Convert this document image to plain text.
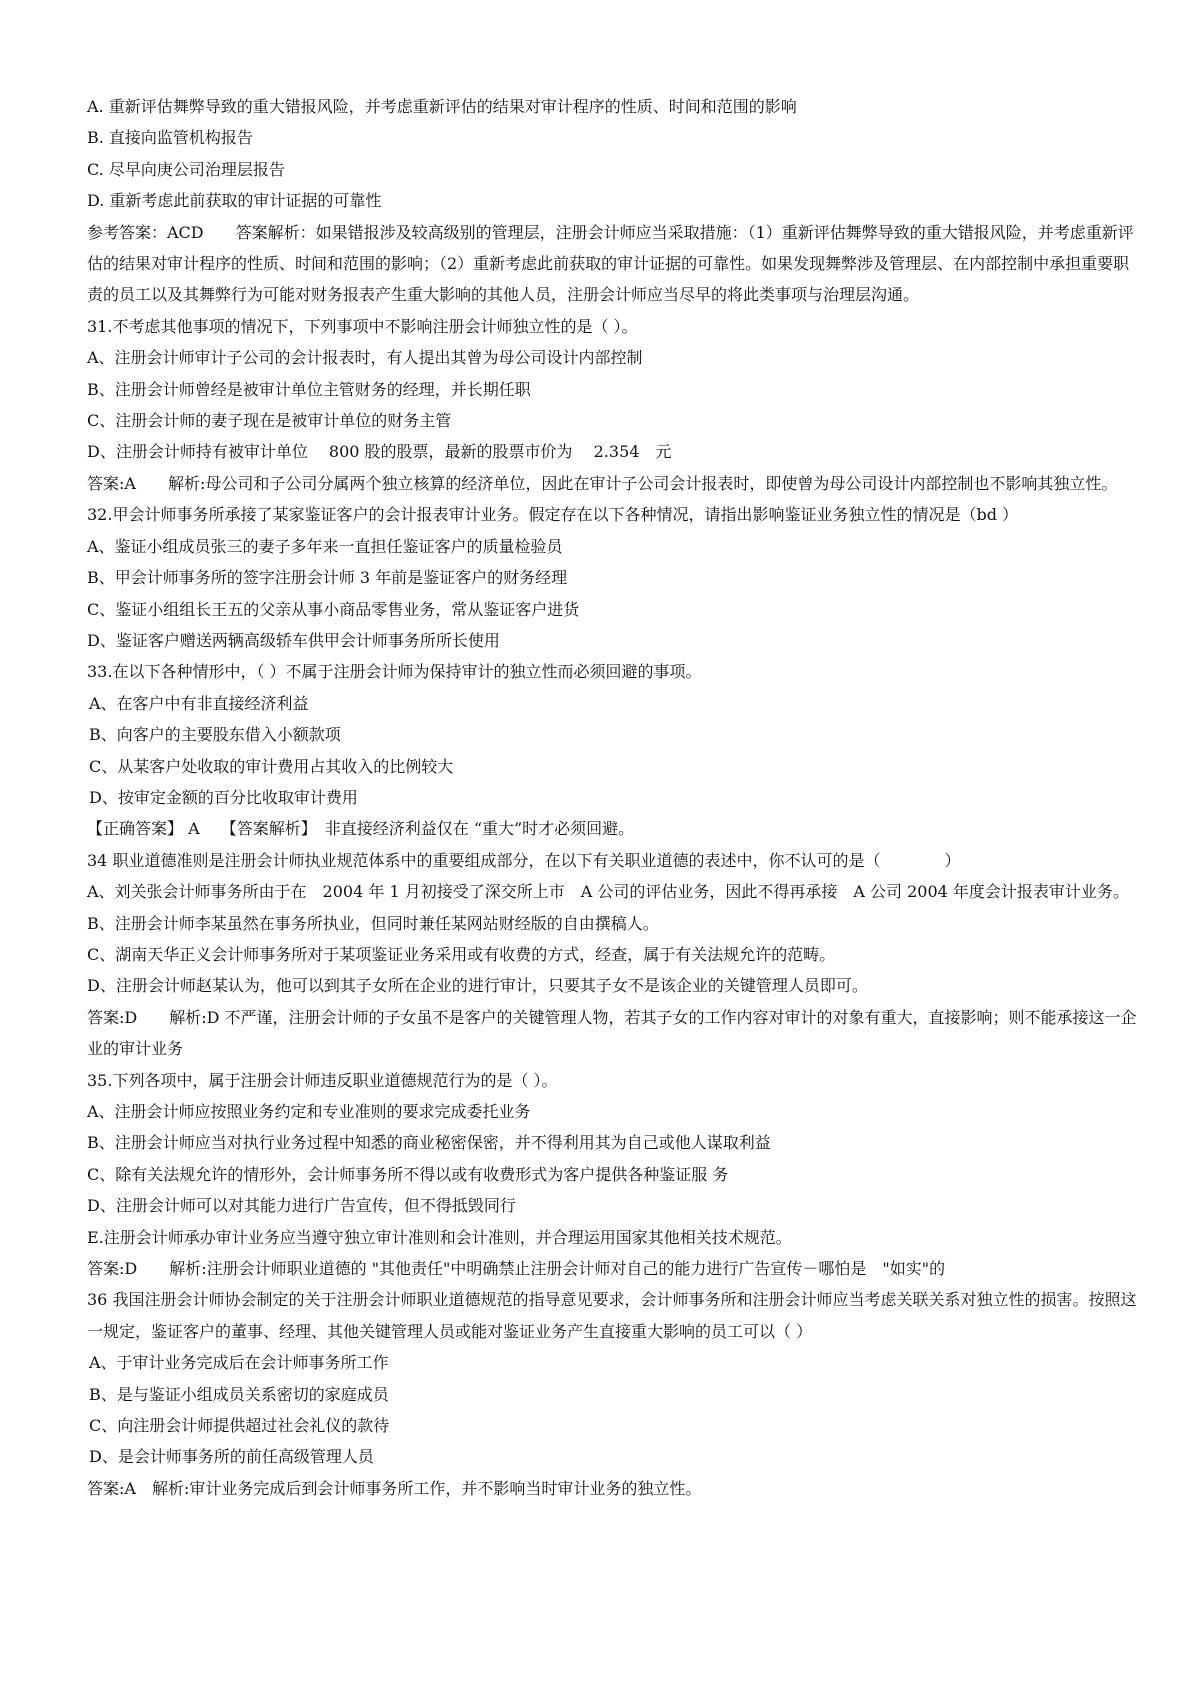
A. 重新评估舞弊导致的重大错报风险，并考虑重新评估的结果对审计程序的性质、时间和范围的影响

B. 直接向监管机构报告

C. 尽早向庚公司治理层报告

D. 重新考虑此前获取的审计证据的可靠性

参考答案：ACD　　答案解析：如果错报涉及较高级别的管理层，注册会计师应当采取措施：（1）重新评估舞弊导致的重大错报风险，并考虑重新评估的结果对审计程序的性质、时间和范围的影响；（2）重新考虑此前获取的审计证据的可靠性。如果发现舞弊涉及管理层、在内部控制中承担重要职责的员工以及其舞弊行为可能对财务报表产生重大影响的其他人员，注册会计师应当尽早的将此类事项与治理层沟通。

31.不考虑其他事项的情况下，下列事项中不影响注册会计师独立性的是（ ）。

A、注册会计师审计子公司的会计报表时，有人提出其曾为母公司设计内部控制

B、注册会计师曾经是被审计单位主管财务的经理，并长期任职

C、注册会计师的妻子现在是被审计单位的财务主管

D、注册会计师持有被审计单位　 800 股的股票，最新的股票市价为　 2.354　元

答案:A　　解析:母公司和子公司分属两个独立核算的经济单位，因此在审计子公司会计报表时，即使曾为母公司设计内部控制也不影响其独立性。

32.甲会计师事务所承接了某家鉴证客户的会计报表审计业务。假定存在以下各种情况，请指出影响鉴证业务独立性的情况是（bd ）

A、鉴证小组成员张三的妻子多年来一直担任鉴证客户的质量检验员

B、甲会计师事务所的签字注册会计师 3 年前是鉴证客户的财务经理

C、鉴证小组组长王五的父亲从事小商品零售业务，常从鉴证客户进货

D、鉴证客户赠送两辆高级轿车供甲会计师事务所所长使用

33.在以下各种情形中，（ ）不属于注册会计师为保持审计的独立性而必须回避的事项。

A、在客户中有非直接经济利益

B、向客户的主要股东借入小额款项

C、从某客户处收取的审计费用占其收入的比例较大

D、按审定金额的百分比收取审计费用

【正确答案】 A　 【答案解析】　非直接经济利益仅在 “重大”时才必须回避。

34 职业道德准则是注册会计师执业规范体系中的重要组成部分，在以下有关职业道德的表述中，你不认可的是（　　　　）

A、刘关张会计师事务所由于在　2004 年 1 月初接受了深交所上市　A 公司的评估业务，因此不得再承接　A 公司 2004 年度会计报表审计业务。

B、注册会计师李某虽然在事务所执业，但同时兼任某网站财经版的自由撰稿人。

C、湖南天华正义会计师事务所对于某项鉴证业务采用或有收费的方式，经查，属于有关法规允许的范畴。

D、注册会计师赵某认为，他可以到其子女所在企业的进行审计，只要其子女不是该企业的关键管理人员即可。

答案:D　　解析:D 不严谨，注册会计师的子女虽不是客户的关键管理人物，若其子女的工作内容对审计的对象有重大，直接影响；则不能承接这一企业的审计业务

35.下列各项中，属于注册会计师违反职业道德规范行为的是（ ）。

A、注册会计师应按照业务约定和专业准则的要求完成委托业务

B、注册会计师应当对执行业务过程中知悉的商业秘密保密，并不得利用其为自己或他人谋取利益

C、除有关法规允许的情形外，会计师事务所不得以或有收费形式为客户提供各种鉴证服 务

D、注册会计师可以对其能力进行广告宣传，但不得抵毁同行

E.注册会计师承办审计业务应当遵守独立审计准则和会计准则，并合理运用国家其他相关技术规范。

答案:D　　解析:注册会计师职业道德的 "其他责任"中明确禁止注册会计师对自己的能力进行广告宣传－哪怕是　"如实"的

36 我国注册会计师协会制定的关于注册会计师职业道德规范的指导意见要求，会计师事务所和注册会计师应当考虑关联关系对独立性的损害。按照这一规定，鉴证客户的董事、经理、其他关键管理人员或能对鉴证业务产生直接重大影响的员工可以（ ）

A、于审计业务完成后在会计师事务所工作

B、是与鉴证小组成员关系密切的家庭成员

C、向注册会计师提供超过社会礼仪的款待

D、是会计师事务所的前任高级管理人员

答案:A　解析:审计业务完成后到会计师事务所工作，并不影响当时审计业务的独立性。
